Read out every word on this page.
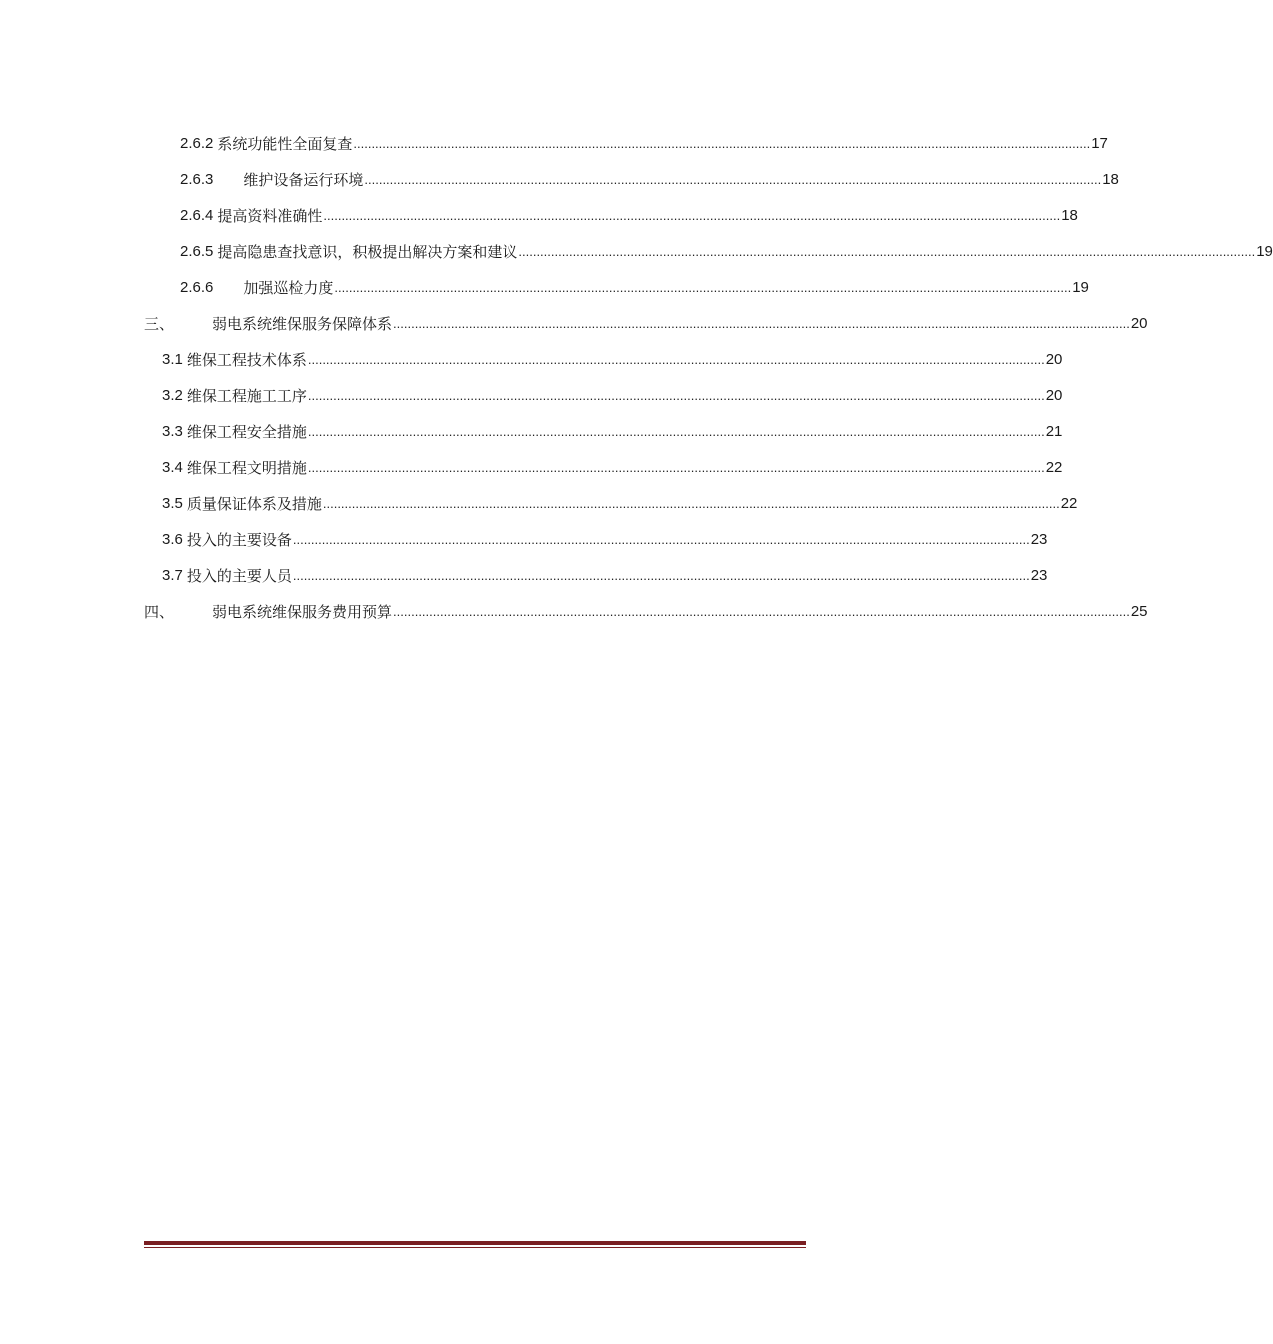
2.6.2 系统功能性全面复查 ............................................................................................................................................................................................................ 17
2.6.3 维护设备运行环境 ............................................................................................................................................................................................................ 18
2.6.4 提高资料准确性 ............................................................................................................................................................................................................ 18
2.6.5 提高隐患查找意识，积极提出解决方案和建议 ............................................................................................................................................................................................................ 19
2.6.6 加强巡检力度 ............................................................................................................................................................................................................ 19
三、	弱电系统维保服务保障体系 ............................................................................................................................................................................................................ 20
3.1 维保工程技术体系 ............................................................................................................................................................................................................ 20
3.2 维保工程施工工序 ............................................................................................................................................................................................................ 20
3.3 维保工程安全措施 ............................................................................................................................................................................................................ 21
3.4 维保工程文明措施 ............................................................................................................................................................................................................ 22
3.5 质量保证体系及措施 ............................................................................................................................................................................................................ 22
3.6 投入的主要设备 ............................................................................................................................................................................................................ 23
3.7 投入的主要人员 ............................................................................................................................................................................................................ 23
四、	弱电系统维保服务费用预算 ............................................................................................................................................................................................................ 25
